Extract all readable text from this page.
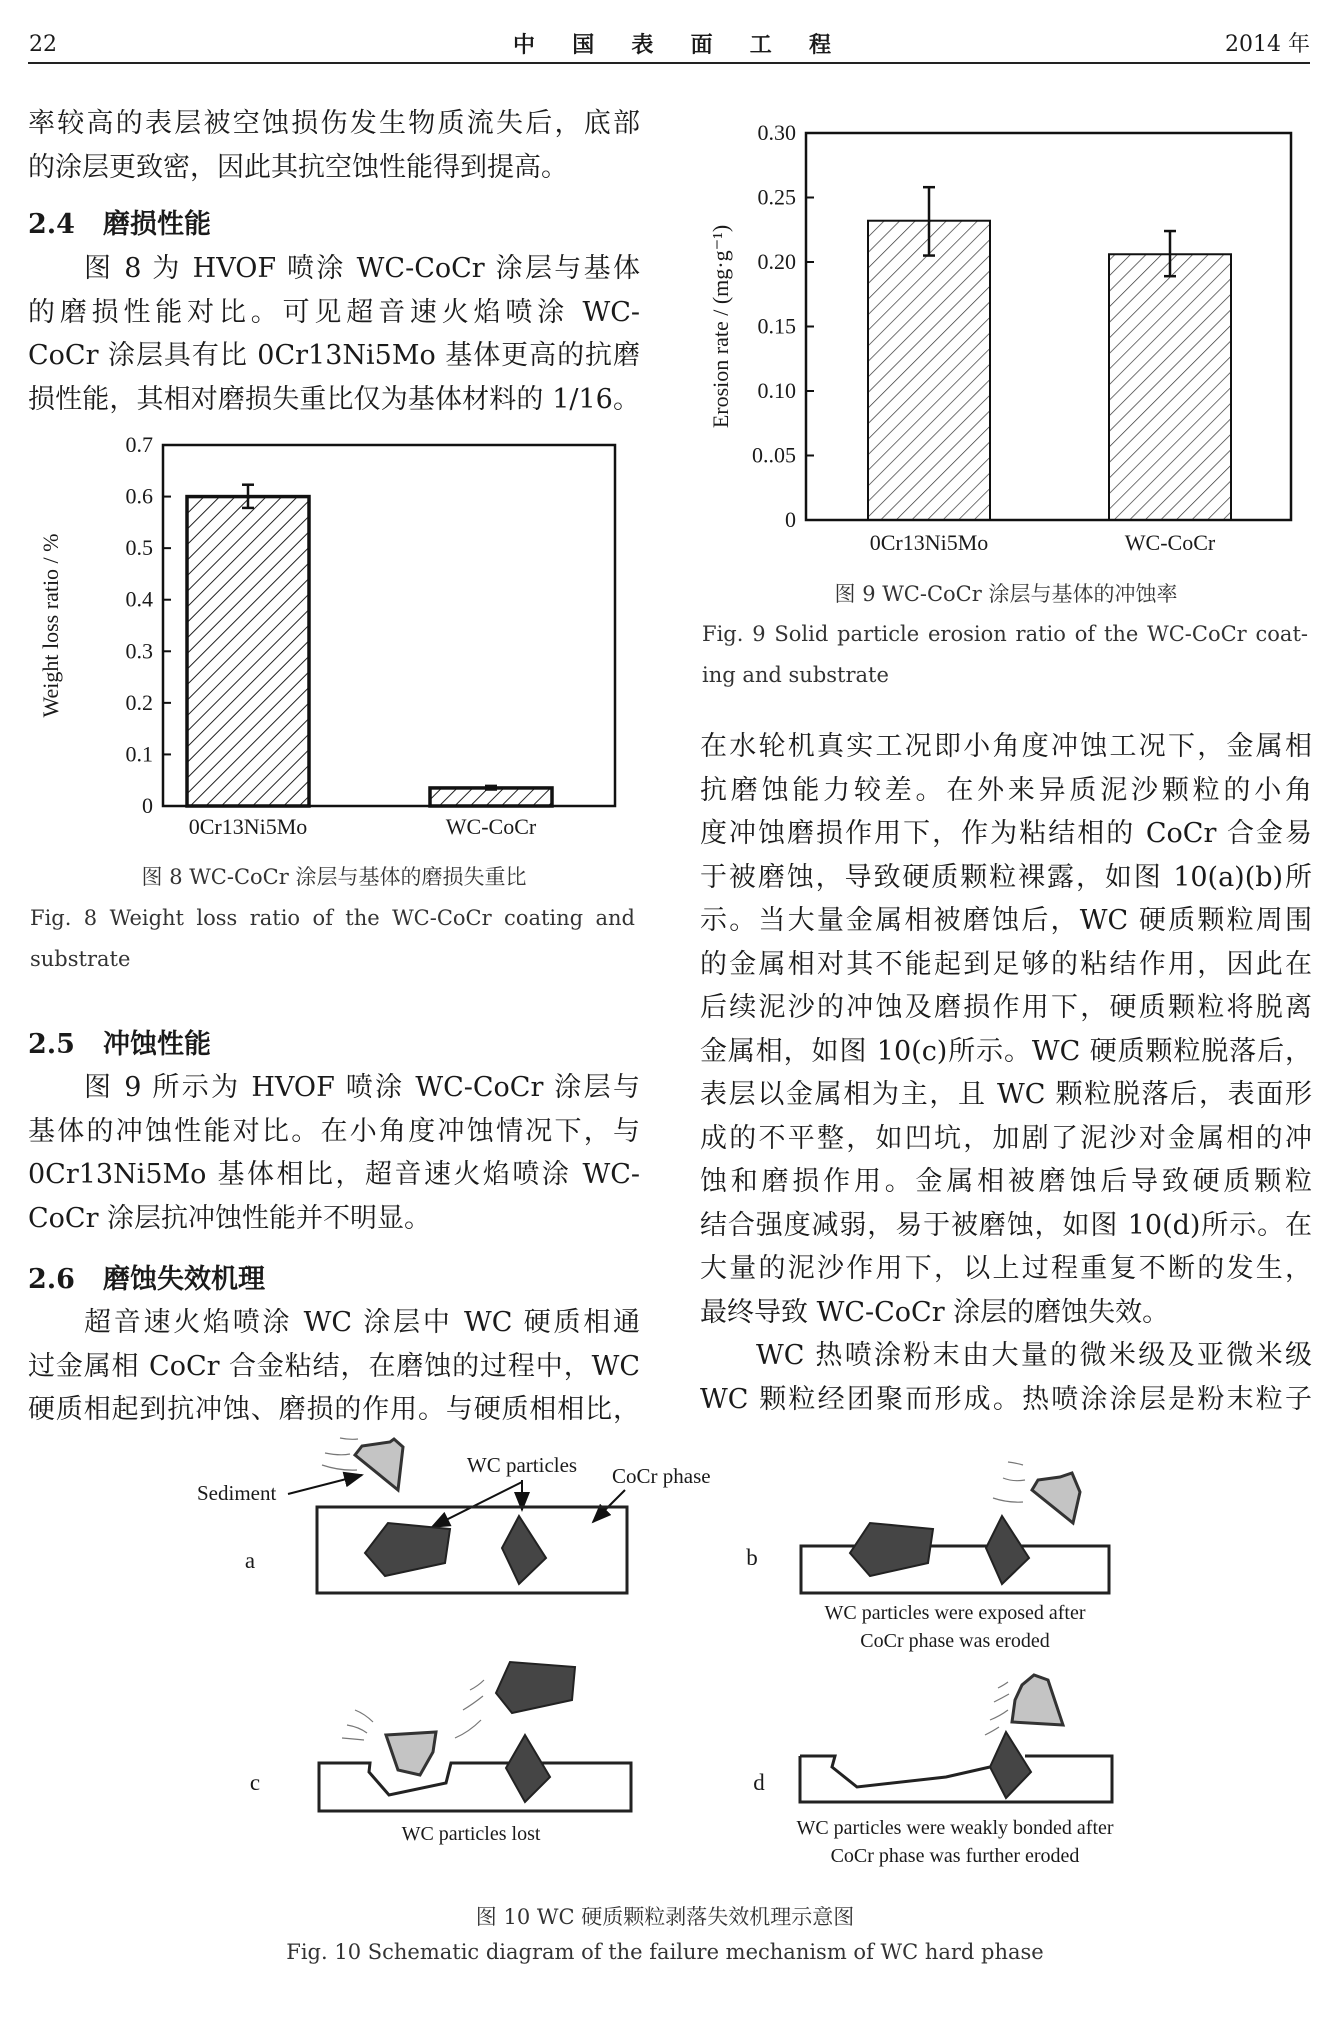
22	中国表面工程	2014 年
率较高的表层被空蚀损伤发生物质流失后，底部
的涂层更致密，因此其抗空蚀性能得到提高。
2.4 磨损性能
图 8 为 HVOF 喷涂 WC-CoCr 涂层与基体
的磨损性能对比。可见超音速火焰喷涂 WC-
CoCr 涂层具有比 0Cr13Ni5Mo 基体更高的抗磨
损性能，其相对磨损失重比仅为基体材料的 1/16。
图 8 WC-CoCr 涂层与基体的磨损失重比
Fig. 8 Weight loss ratio of the WC-CoCr coating and
substrate
2.5 冲蚀性能
图 9 所示为 HVOF 喷涂 WC-CoCr 涂层与
基体的冲蚀性能对比。在小角度冲蚀情况下，与
0Cr13Ni5Mo 基体相比，超音速火焰喷涂 WC-
CoCr 涂层抗冲蚀性能并不明显。
2.6 磨蚀失效机理
超音速火焰喷涂 WC 涂层中 WC 硬质相通
过金属相 CoCr 合金粘结，在磨蚀的过程中，WC
硬质相起到抗冲蚀、磨损的作用。与硬质相相比，
图 9 WC-CoCr 涂层与基体的冲蚀率
Fig. 9 Solid particle erosion ratio of the WC-CoCr coat-
ing and substrate
在水轮机真实工况即小角度冲蚀工况下，金属相
抗磨蚀能力较差。在外来异质泥沙颗粒的小角
度冲蚀磨损作用下，作为粘结相的 CoCr 合金易
于被磨蚀，导致硬质颗粒裸露，如图 10(a)(b)所
示。当大量金属相被磨蚀后，WC 硬质颗粒周围
的金属相对其不能起到足够的粘结作用，因此在
后续泥沙的冲蚀及磨损作用下，硬质颗粒将脱离
金属相，如图 10(c)所示。WC 硬质颗粒脱落后，
表层以金属相为主，且 WC 颗粒脱落后，表面形
成的不平整，如凹坑，加剧了泥沙对金属相的冲
蚀和磨损作用。金属相被磨蚀后导致硬质颗粒
结合强度减弱，易于被磨蚀，如图 10(d)所示。在
大量的泥沙作用下，以上过程重复不断的发生，
最终导致 WC-CoCr 涂层的磨蚀失效。
WC 热喷涂粉末由大量的微米级及亚微米级
WC 颗粒经团聚而形成。热喷涂涂层是粉末粒子
0Cr13Ni5Mo	WC-CoCr
0
0.1
0.2
0.3
0.4
0.5
0.6
0.7
Weight loss ratio / %	0Cr13Ni5Mo	WC-CoCr
0
0..05
0.10
0.15
0.20
0.25
0.30
Erosion rate / (mg·g⁻¹)
a
Sediment
WC particles CoCr phase
b
WC particles were exposed after
CoCr phase was eroded
c
WC particles lost
d
WC particles were weakly bonded after
CoCr phase was further eroded
图 10 WC 硬质颗粒剥落失效机理示意图
Fig. 10 Schematic diagram of the failure mechanism of WC hard phase
